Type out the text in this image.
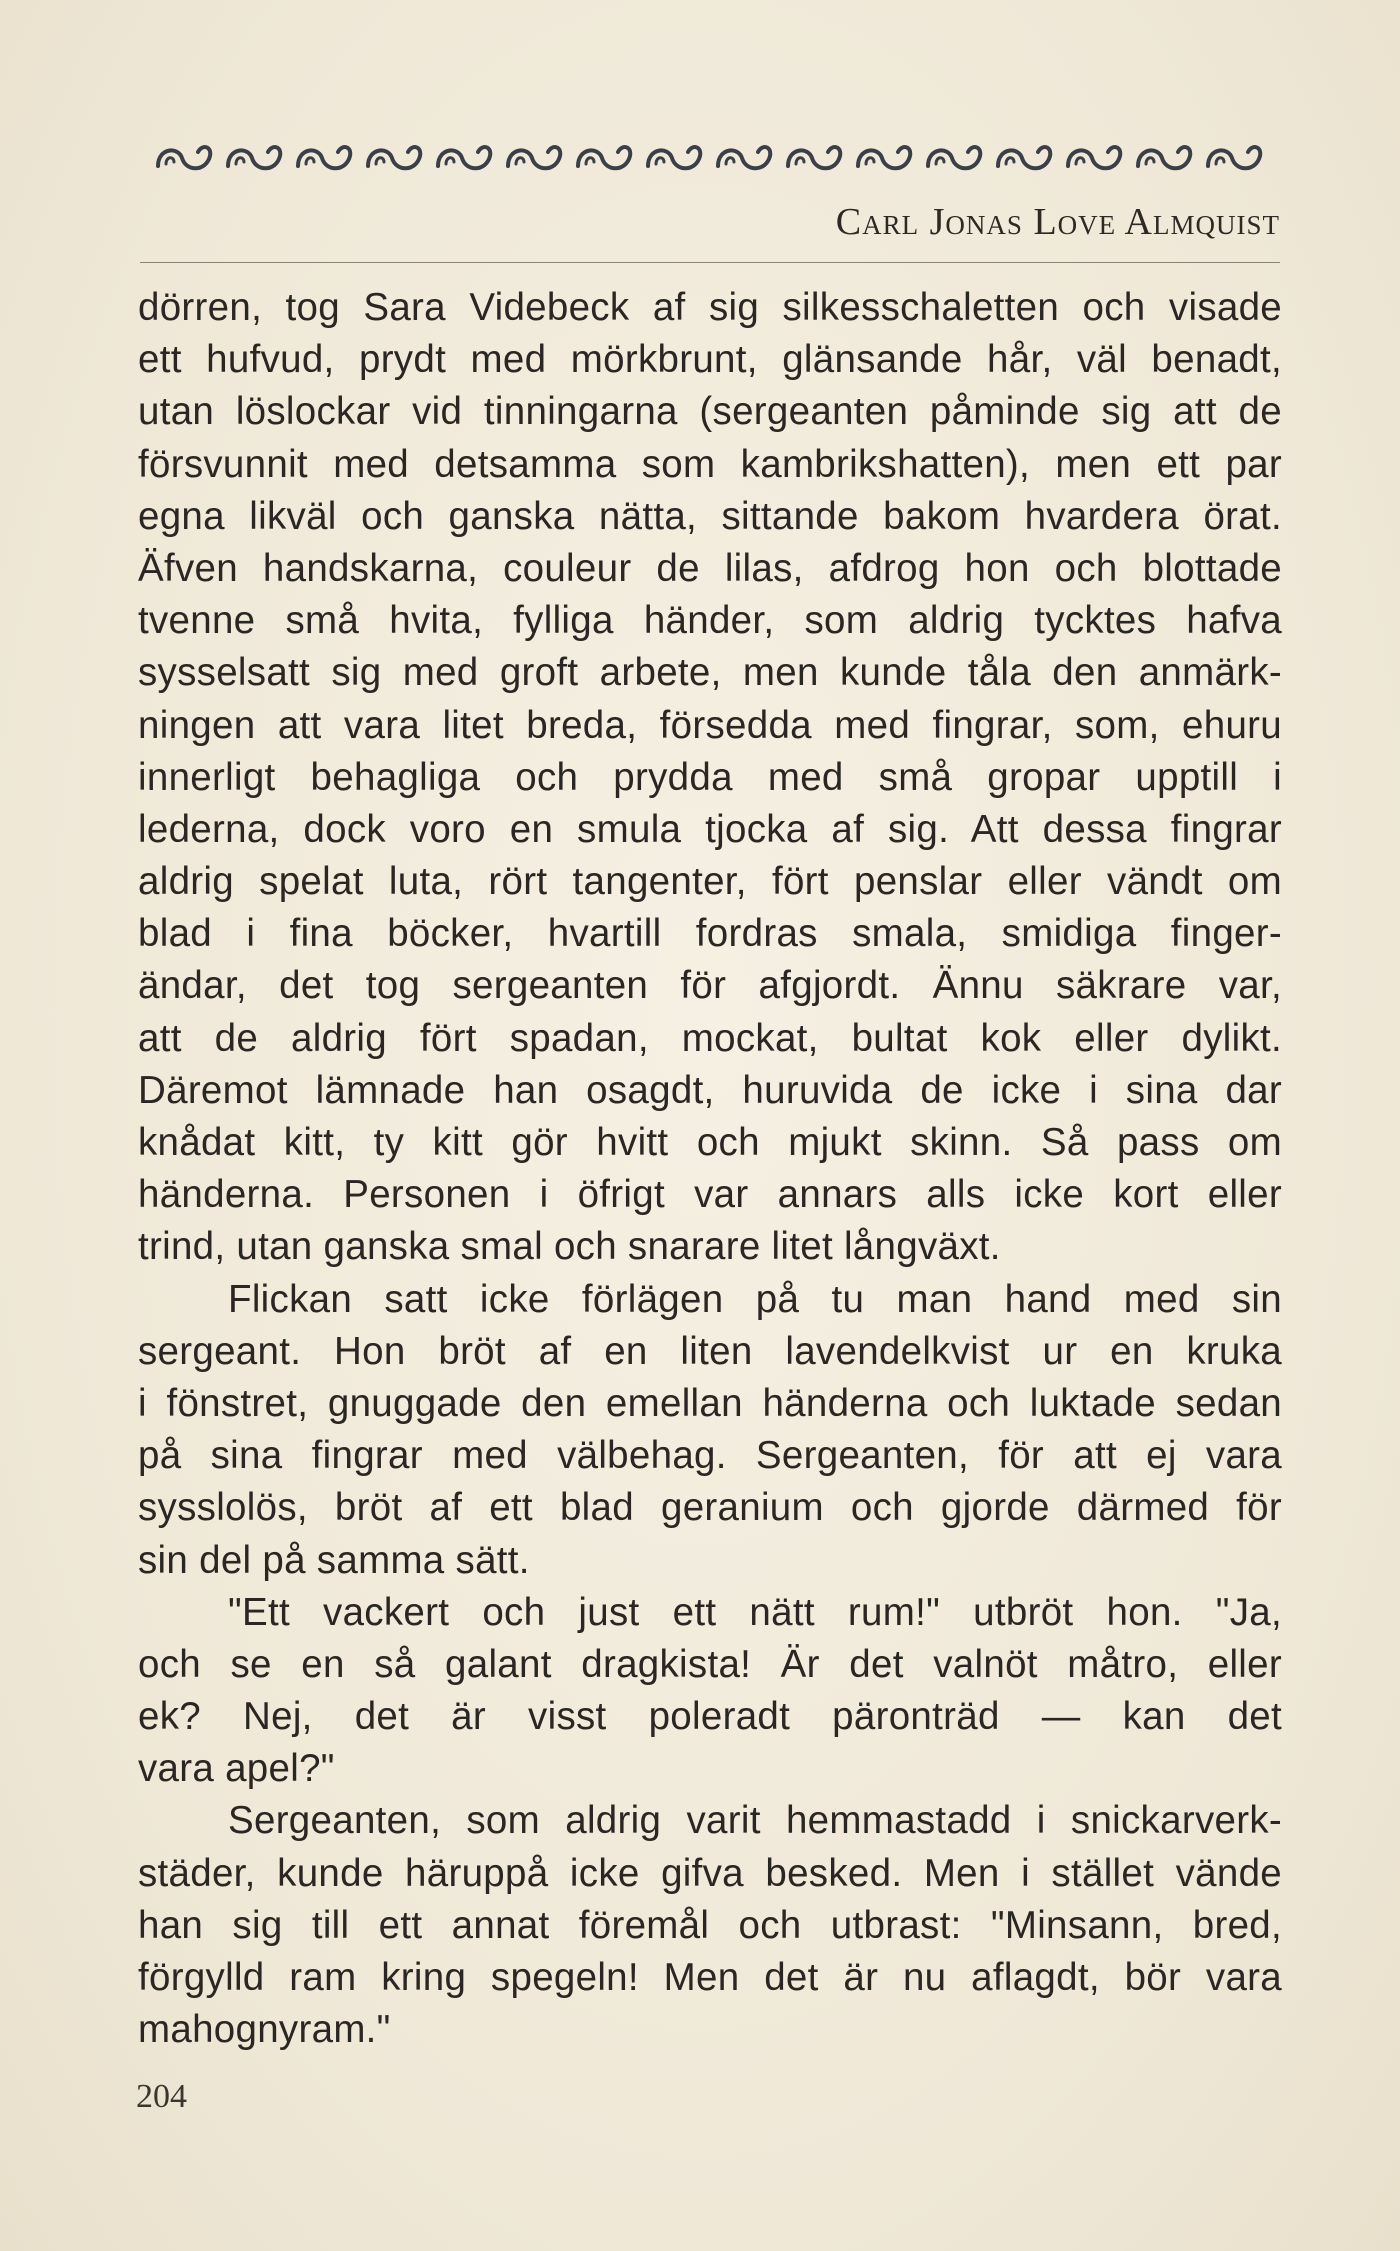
Carl Jonas Love Almquist
dörren, tog Sara Videbeck af sig silkesschaletten och visade
ett hufvud, prydt med mörkbrunt, glänsande hår, väl benadt,
utan löslockar vid tinningarna (sergeanten påminde sig att de
försvunnit med detsamma som kambrikshatten), men ett par
egna likväl och ganska nätta, sittande bakom hvardera örat.
Äfven handskarna, couleur de lilas, afdrog hon och blottade
tvenne små hvita, fylliga händer, som aldrig tycktes hafva
sysselsatt sig med groft arbete, men kunde tåla den anmärk-
ningen att vara litet breda, försedda med fingrar, som, ehuru
innerligt behagliga och prydda med små gropar upptill i
lederna, dock voro en smula tjocka af sig. Att dessa fingrar
aldrig spelat luta, rört tangenter, fört penslar eller vändt om
blad i fina böcker, hvartill fordras smala, smidiga finger-
ändar, det tog sergeanten för afgjordt. Ännu säkrare var,
att de aldrig fört spadan, mockat, bultat kok eller dylikt.
Däremot lämnade han osagdt, huruvida de icke i sina dar
knådat kitt, ty kitt gör hvitt och mjukt skinn. Så pass om
händerna. Personen i öfrigt var annars alls icke kort eller
trind, utan ganska smal och snarare litet långväxt.
Flickan satt icke förlägen på tu man hand med sin
sergeant. Hon bröt af en liten lavendelkvist ur en kruka
i fönstret, gnuggade den emellan händerna och luktade sedan
på sina fingrar med välbehag. Sergeanten, för att ej vara
sysslolös, bröt af ett blad geranium och gjorde därmed för
sin del på samma sätt.
"Ett vackert och just ett nätt rum!" utbröt hon. "Ja,
och se en så galant dragkista! Är det valnöt måtro, eller
ek? Nej, det är visst poleradt päronträd — kan det
vara apel?"
Sergeanten, som aldrig varit hemmastadd i snickarverk-
städer, kunde häruppå icke gifva besked. Men i stället vände
han sig till ett annat föremål och utbrast: "Minsann, bred,
förgylld ram kring spegeln! Men det är nu aflagdt, bör vara
mahognyram."
204
